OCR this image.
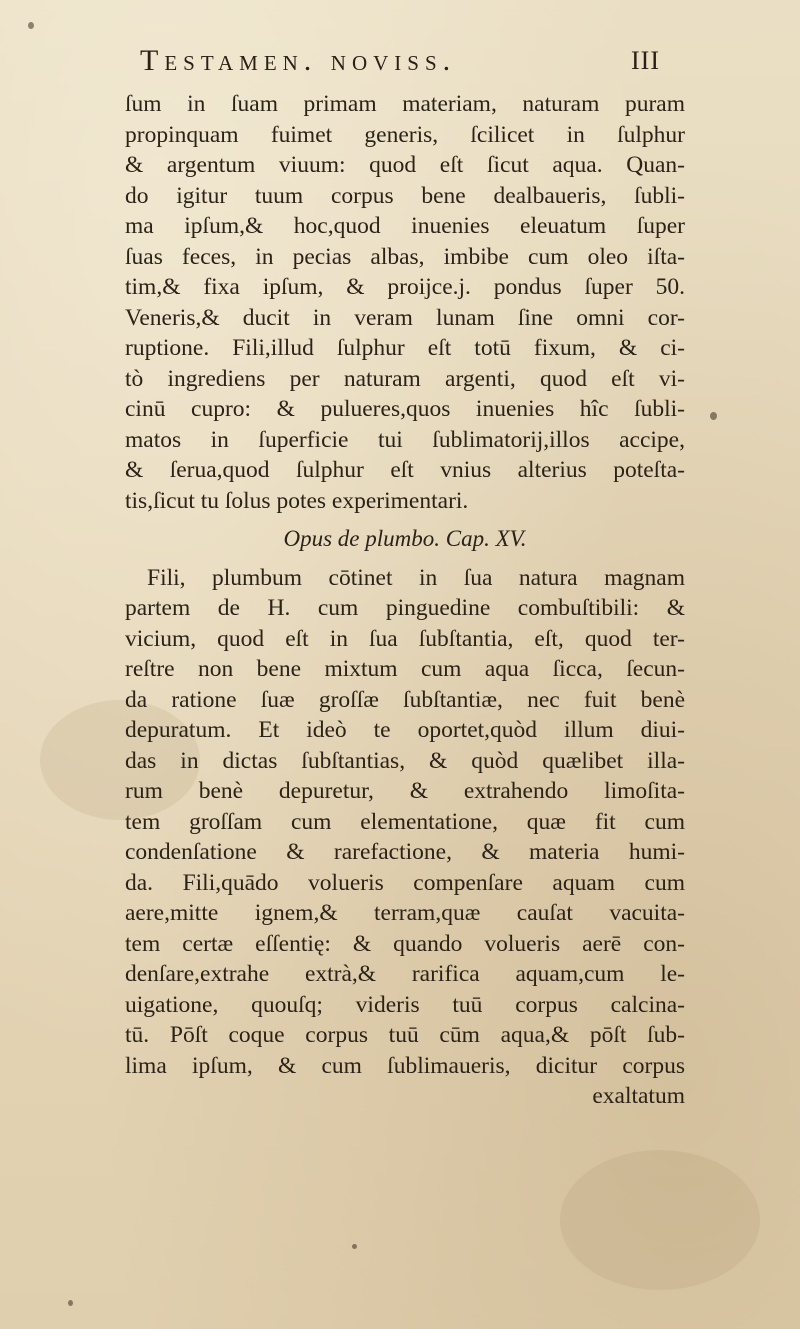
Testamen. noviss.	III
ſum in ſuam primam materiam, naturam puram
propinquam fuimet generis, ſcilicet in ſulphur
& argentum viuum: quod eſt ſicut aqua. Quan-
do igitur tuum corpus bene dealbaueris, ſubli-
ma ipſum,& hoc,quod inuenies eleuatum ſuper
ſuas feces, in pecias albas, imbibe cum oleo iſta-
tim,& fixa ipſum, & proijce.j. pondus ſuper 50.
Veneris,& ducit in veram lunam ſine omni cor-
ruptione. Fili,illud ſulphur eſt totū fixum, & ci-
tò ingrediens per naturam argenti, quod eſt vi-
cinū cupro: & pulueres,quos inuenies hîc ſubli-
matos in ſuperficie tui ſublimatorij,illos accipe,
& ſerua,quod ſulphur eſt vnius alterius poteſta-
tis,ſicut tu ſolus potes experimentari.
Opus de plumbo. Cap. XV.
Fili, plumbum cōtinet in ſua natura magnam
partem de H. cum pinguedine combuſtibili: &
vicium, quod eſt in ſua ſubſtantia, eſt, quod ter-
reſtre non bene mixtum cum aqua ſicca, ſecun-
da ratione ſuæ groſſæ ſubſtantiæ, nec fuit benè
depuratum. Et ideò te oportet,quòd illum diui-
das in dictas ſubſtantias, & quòd quælibet illa-
rum benè depuretur, & extrahendo limoſita-
tem groſſam cum elementatione, quæ fit cum
condenſatione & rarefactione, & materia humi-
da. Fili,quādo volueris compenſare aquam cum
aere,mitte ignem,& terram,quæ cauſat vacuita-
tem certæ eſſentię: & quando volueris aerē con-
denſare,extrahe extrà,& rarifica aquam,cum le-
uigatione, quouſq; videris tuū corpus calcina-
tū. Pōſt coque corpus tuū cūm aqua,& pōſt ſub-
lima ipſum, & cum ſublimaueris, dicitur corpus
exaltatum
